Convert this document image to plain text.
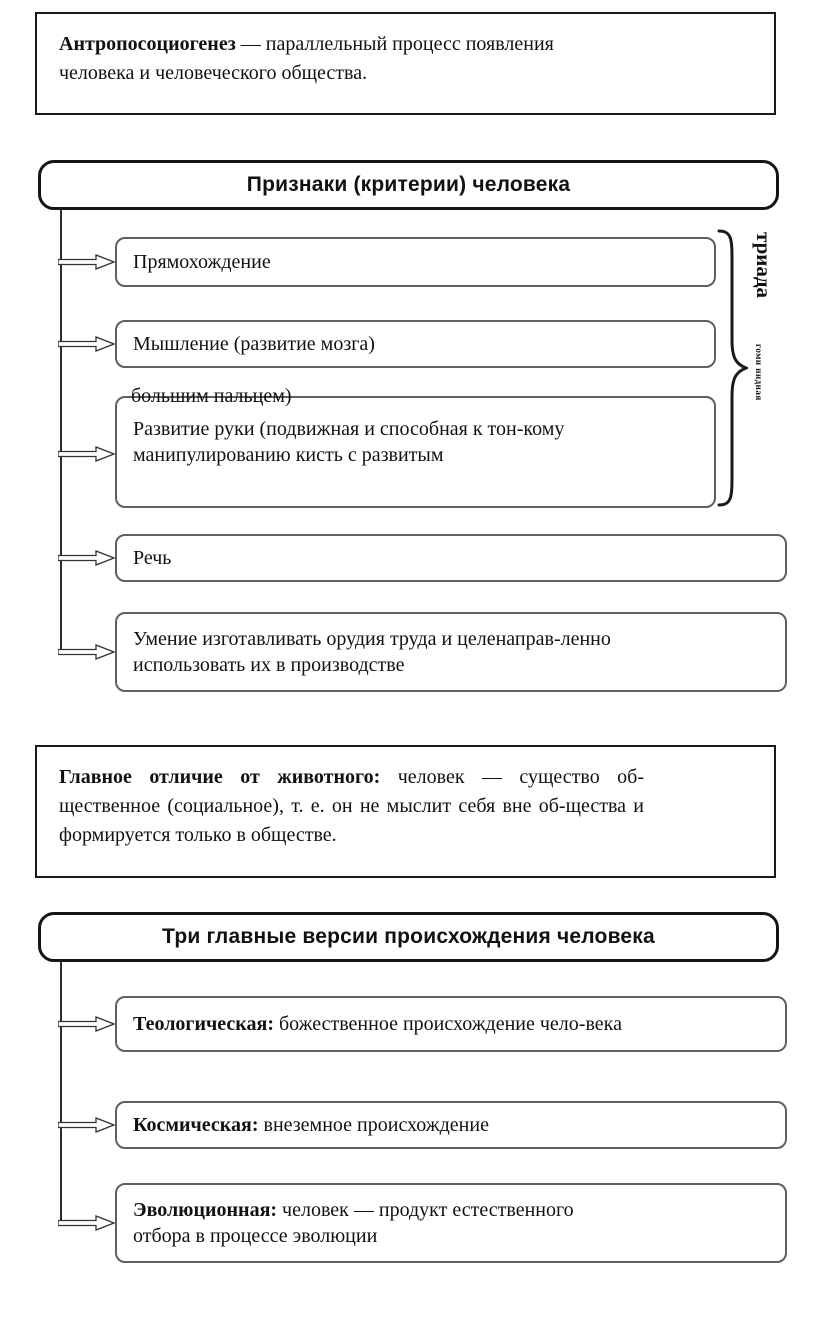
Антропосоциогенез — параллельный процесс появления человека и человеческого общества.

Признаки (критерии) человека
Прямохождение
Мышление (развитие мозга)
большим пальцем)
Развитие руки (подвижная и способная к тон-кому манипулированию кисть с развитым
Речь
Умение изготавливать орудия труда и целенаправ-ленно использовать их в производстве
триада
гоми нидная

Главное отличие от животного: человек — существо об-щественное (социальное), т. е. он не мыслит себя вне об-щества и формируется только в обществе.

Три главные версии происхождения человека
Теологическая: божественное происхождение чело-века
Космическая: внеземное происхождение
Эволюционная: человек — продукт естественного отбора в процессе эволюции
